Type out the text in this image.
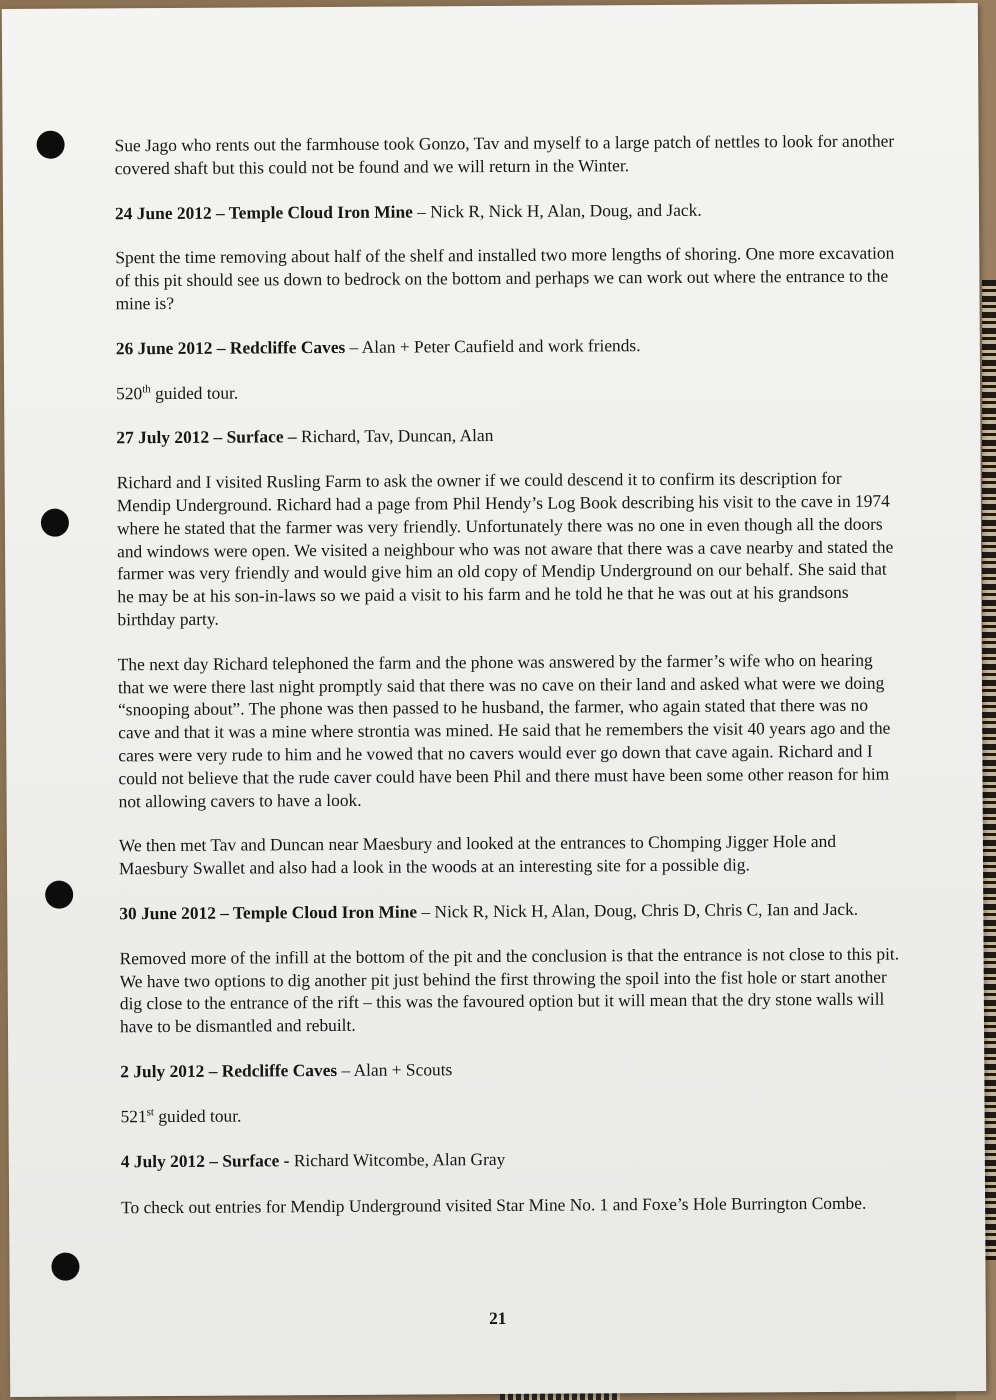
Sue Jago who rents out the farmhouse took Gonzo, Tav and myself to a large patch of nettles to look for another covered shaft but this could not be found and we will return in the Winter.

24 June 2012 – Temple Cloud Iron Mine – Nick R, Nick H, Alan, Doug, and Jack.

Spent the time removing about half of the shelf and installed two more lengths of shoring. One more excavation of this pit should see us down to bedrock on the bottom and perhaps we can work out where the entrance to the mine is?

26 June 2012 – Redcliffe Caves – Alan + Peter Caufield and work friends.

520th guided tour.

27 July 2012 – Surface – Richard, Tav, Duncan, Alan

Richard and I visited Rusling Farm to ask the owner if we could descend it to confirm its description for Mendip Underground. Richard had a page from Phil Hendy’s Log Book describing his visit to the cave in 1974 where he stated that the farmer was very friendly. Unfortunately there was no one in even though all the doors and windows were open. We visited a neighbour who was not aware that there was a cave nearby and stated the farmer was very friendly and would give him an old copy of Mendip Underground on our behalf. She said that he may be at his son-in-laws so we paid a visit to his farm and he told he that he was out at his grandsons birthday party.

The next day Richard telephoned the farm and the phone was answered by the farmer’s wife who on hearing that we were there last night promptly said that there was no cave on their land and asked what were we doing “snooping about”. The phone was then passed to he husband, the farmer, who again stated that there was no cave and that it was a mine where strontia was mined. He said that he remembers the visit 40 years ago and the cares were very rude to him and he vowed that no cavers would ever go down that cave again. Richard and I could not believe that the rude caver could have been Phil and there must have been some other reason for him not allowing cavers to have a look.

We then met Tav and Duncan near Maesbury and looked at the entrances to Chomping Jigger Hole and Maesbury Swallet and also had a look in the woods at an interesting site for a possible dig.

30 June 2012 – Temple Cloud Iron Mine – Nick R, Nick H, Alan, Doug, Chris D, Chris C, Ian and Jack.

Removed more of the infill at the bottom of the pit and the conclusion is that the entrance is not close to this pit. We have two options to dig another pit just behind the first throwing the spoil into the fist hole or start another dig close to the entrance of the rift – this was the favoured option but it will mean that the dry stone walls will have to be dismantled and rebuilt.

2 July 2012 – Redcliffe Caves – Alan + Scouts

521st guided tour.

4 July 2012 – Surface - Richard Witcombe, Alan Gray

To check out entries for Mendip Underground visited Star Mine No. 1 and Foxe’s Hole Burrington Combe.

21
